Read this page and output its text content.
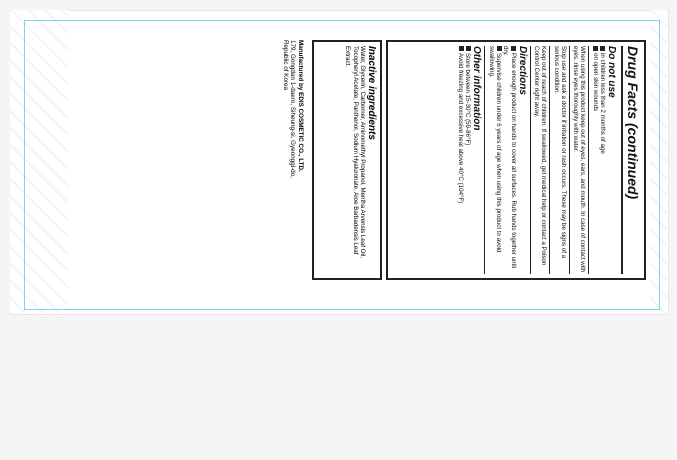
Drug Facts (continued)

Do not use

in children less than 2 months of age

on open skin wounds

When using this product keep out of eyes, ears, and mouth. In case of contact with eyes, rinse eyes thoroughly with water.

Stop use and ask a doctor if irritation or rash occurs. These may be signs of a serious condition.

Keep out of reach of children. If swallowed, get medical help or contact a Poison Control Center right away.

Directions

Place enough product on hands to cover all surfaces. Rub hands together until dry.

Supervise children under 6 years of age when using this product to avoid swallowing.

Other information

Store between 15-30°C (59-86°F)

Avoid freezing and excessive heat above 40°C (104°F)

Inactive ingredients

Water, Glycerin, Carbomer, Aminomethyl Propanol, Mentha Arvensis Leaf Oil, Tocopheryl Acetate, Panthenol, Sodium Hyaluronate, Aloe Barbadensis Leaf Extract.

Manufactured by EDIS COSMETIC CO., LTD.

179, Gongdan 1-daero, Siheung-si, Gyeonggi-do,

Republic of Korea
